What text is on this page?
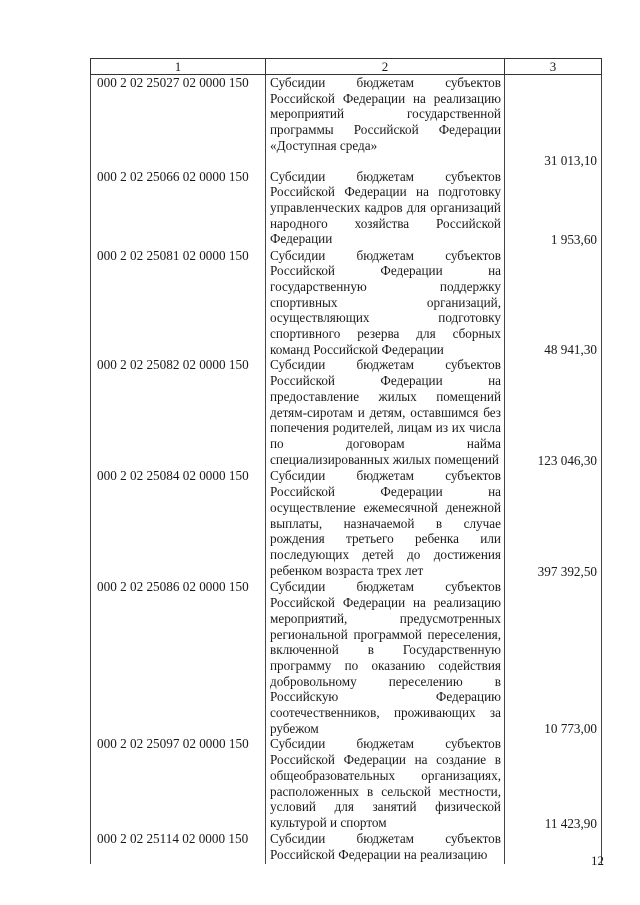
1	2	3
000 2 02 25027 02 0000 150	Субсидии бюджетам субъектов Российской Федерации на реализацию мероприятий государственной программы Российской Федерации «Доступная среда»	31 013,10
000 2 02 25066 02 0000 150	Субсидии бюджетам субъектов Российской Федерации на подготовку управленческих кадров для организаций народного хозяйства Российской Федерации	1 953,60
000 2 02 25081 02 0000 150	Субсидии бюджетам субъектов Российской Федерации на государственную поддержку спортивных организаций, осуществляющих подготовку спортивного резерва для сборных команд Российской Федерации	48 941,30
000 2 02 25082 02 0000 150	Субсидии бюджетам субъектов Российской Федерации на предоставление жилых помещений детям-сиротам и детям, оставшимся без попечения родителей, лицам из их числа по договорам найма специализированных жилых помещений	123 046,30
000 2 02 25084 02 0000 150	Субсидии бюджетам субъектов Российской Федерации на осуществление ежемесячной денежной выплаты, назначаемой в случае рождения третьего ребенка или последующих детей до достижения ребенком возраста трех лет	397 392,50
000 2 02 25086 02 0000 150	Субсидии бюджетам субъектов Российской Федерации на реализацию мероприятий, предусмотренных региональной программой переселения, включенной в Государственную программу по оказанию содействия добровольному переселению в Российскую Федерацию соотечественников, проживающих за рубежом	10 773,00
000 2 02 25097 02 0000 150	Субсидии бюджетам субъектов Российской Федерации на создание в общеобразовательных организациях, расположенных в сельской местности, условий для занятий физической культурой и спортом	11 423,90
000 2 02 25114 02 0000 150	Субсидии бюджетам субъектов Российской Федерации на реализацию		12
